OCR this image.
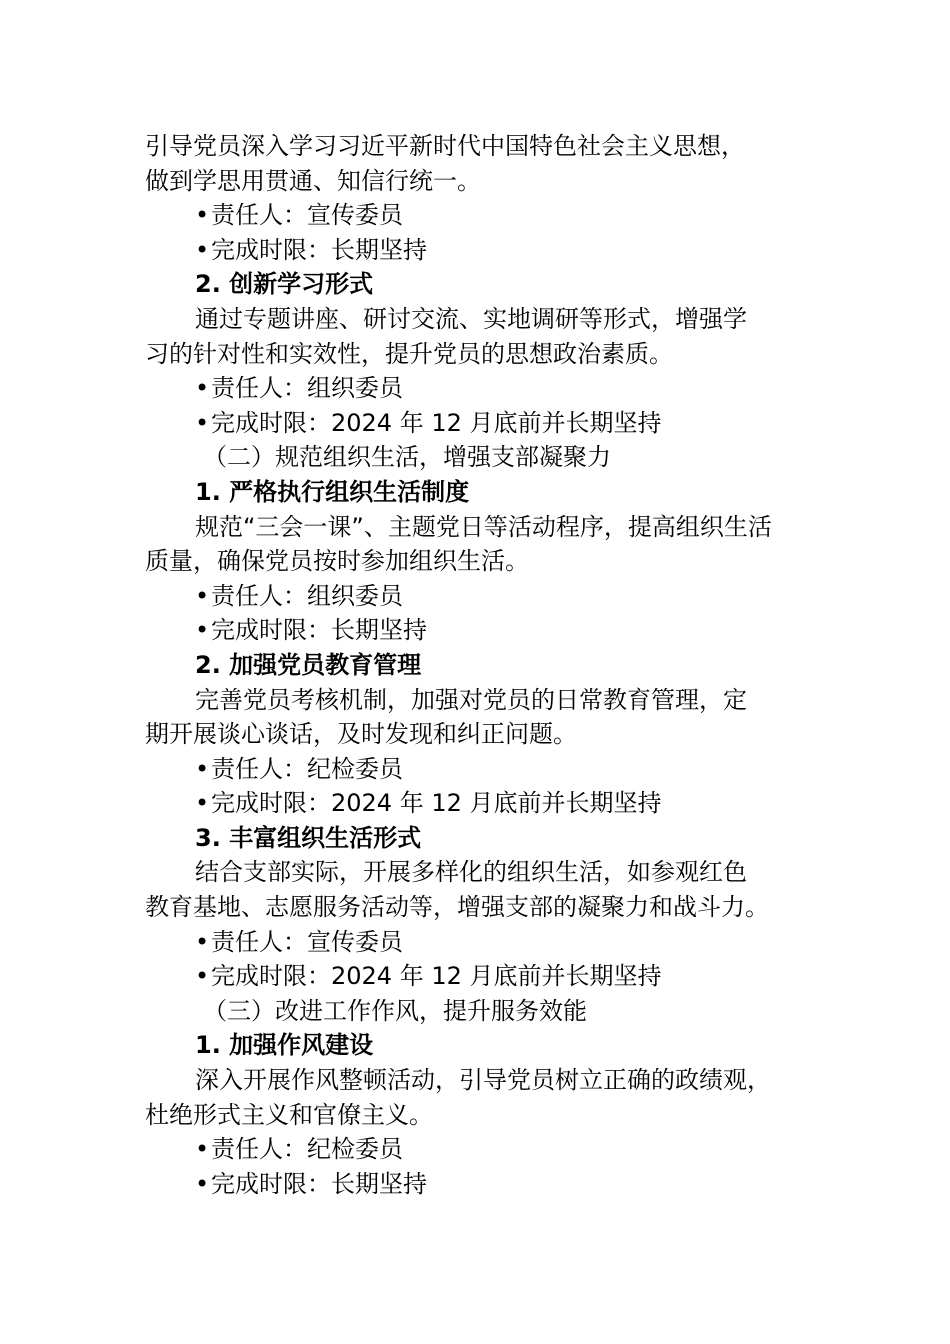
引导党员深入学习习近平新时代中国特色社会主义思想，
做到学思用贯通、知信行统一。
•责任人：宣传委员
•完成时限：长期坚持
2. 创新学习形式
通过专题讲座、研讨交流、实地调研等形式，增强学
习的针对性和实效性，提升党员的思想政治素质。
•责任人：组织委员
•完成时限：2024 年 12 月底前并长期坚持
（二）规范组织生活，增强支部凝聚力
1. 严格执行组织生活制度
规范“三会一课”、主题党日等活动程序，提高组织生活
质量，确保党员按时参加组织生活。
•责任人：组织委员
•完成时限：长期坚持
2. 加强党员教育管理
完善党员考核机制，加强对党员的日常教育管理，定
期开展谈心谈话，及时发现和纠正问题。
•责任人：纪检委员
•完成时限：2024 年 12 月底前并长期坚持
3. 丰富组织生活形式
结合支部实际，开展多样化的组织生活，如参观红色
教育基地、志愿服务活动等，增强支部的凝聚力和战斗力。
•责任人：宣传委员
•完成时限：2024 年 12 月底前并长期坚持
（三）改进工作作风，提升服务效能
1. 加强作风建设
深入开展作风整顿活动，引导党员树立正确的政绩观，
杜绝形式主义和官僚主义。
•责任人：纪检委员
•完成时限：长期坚持
